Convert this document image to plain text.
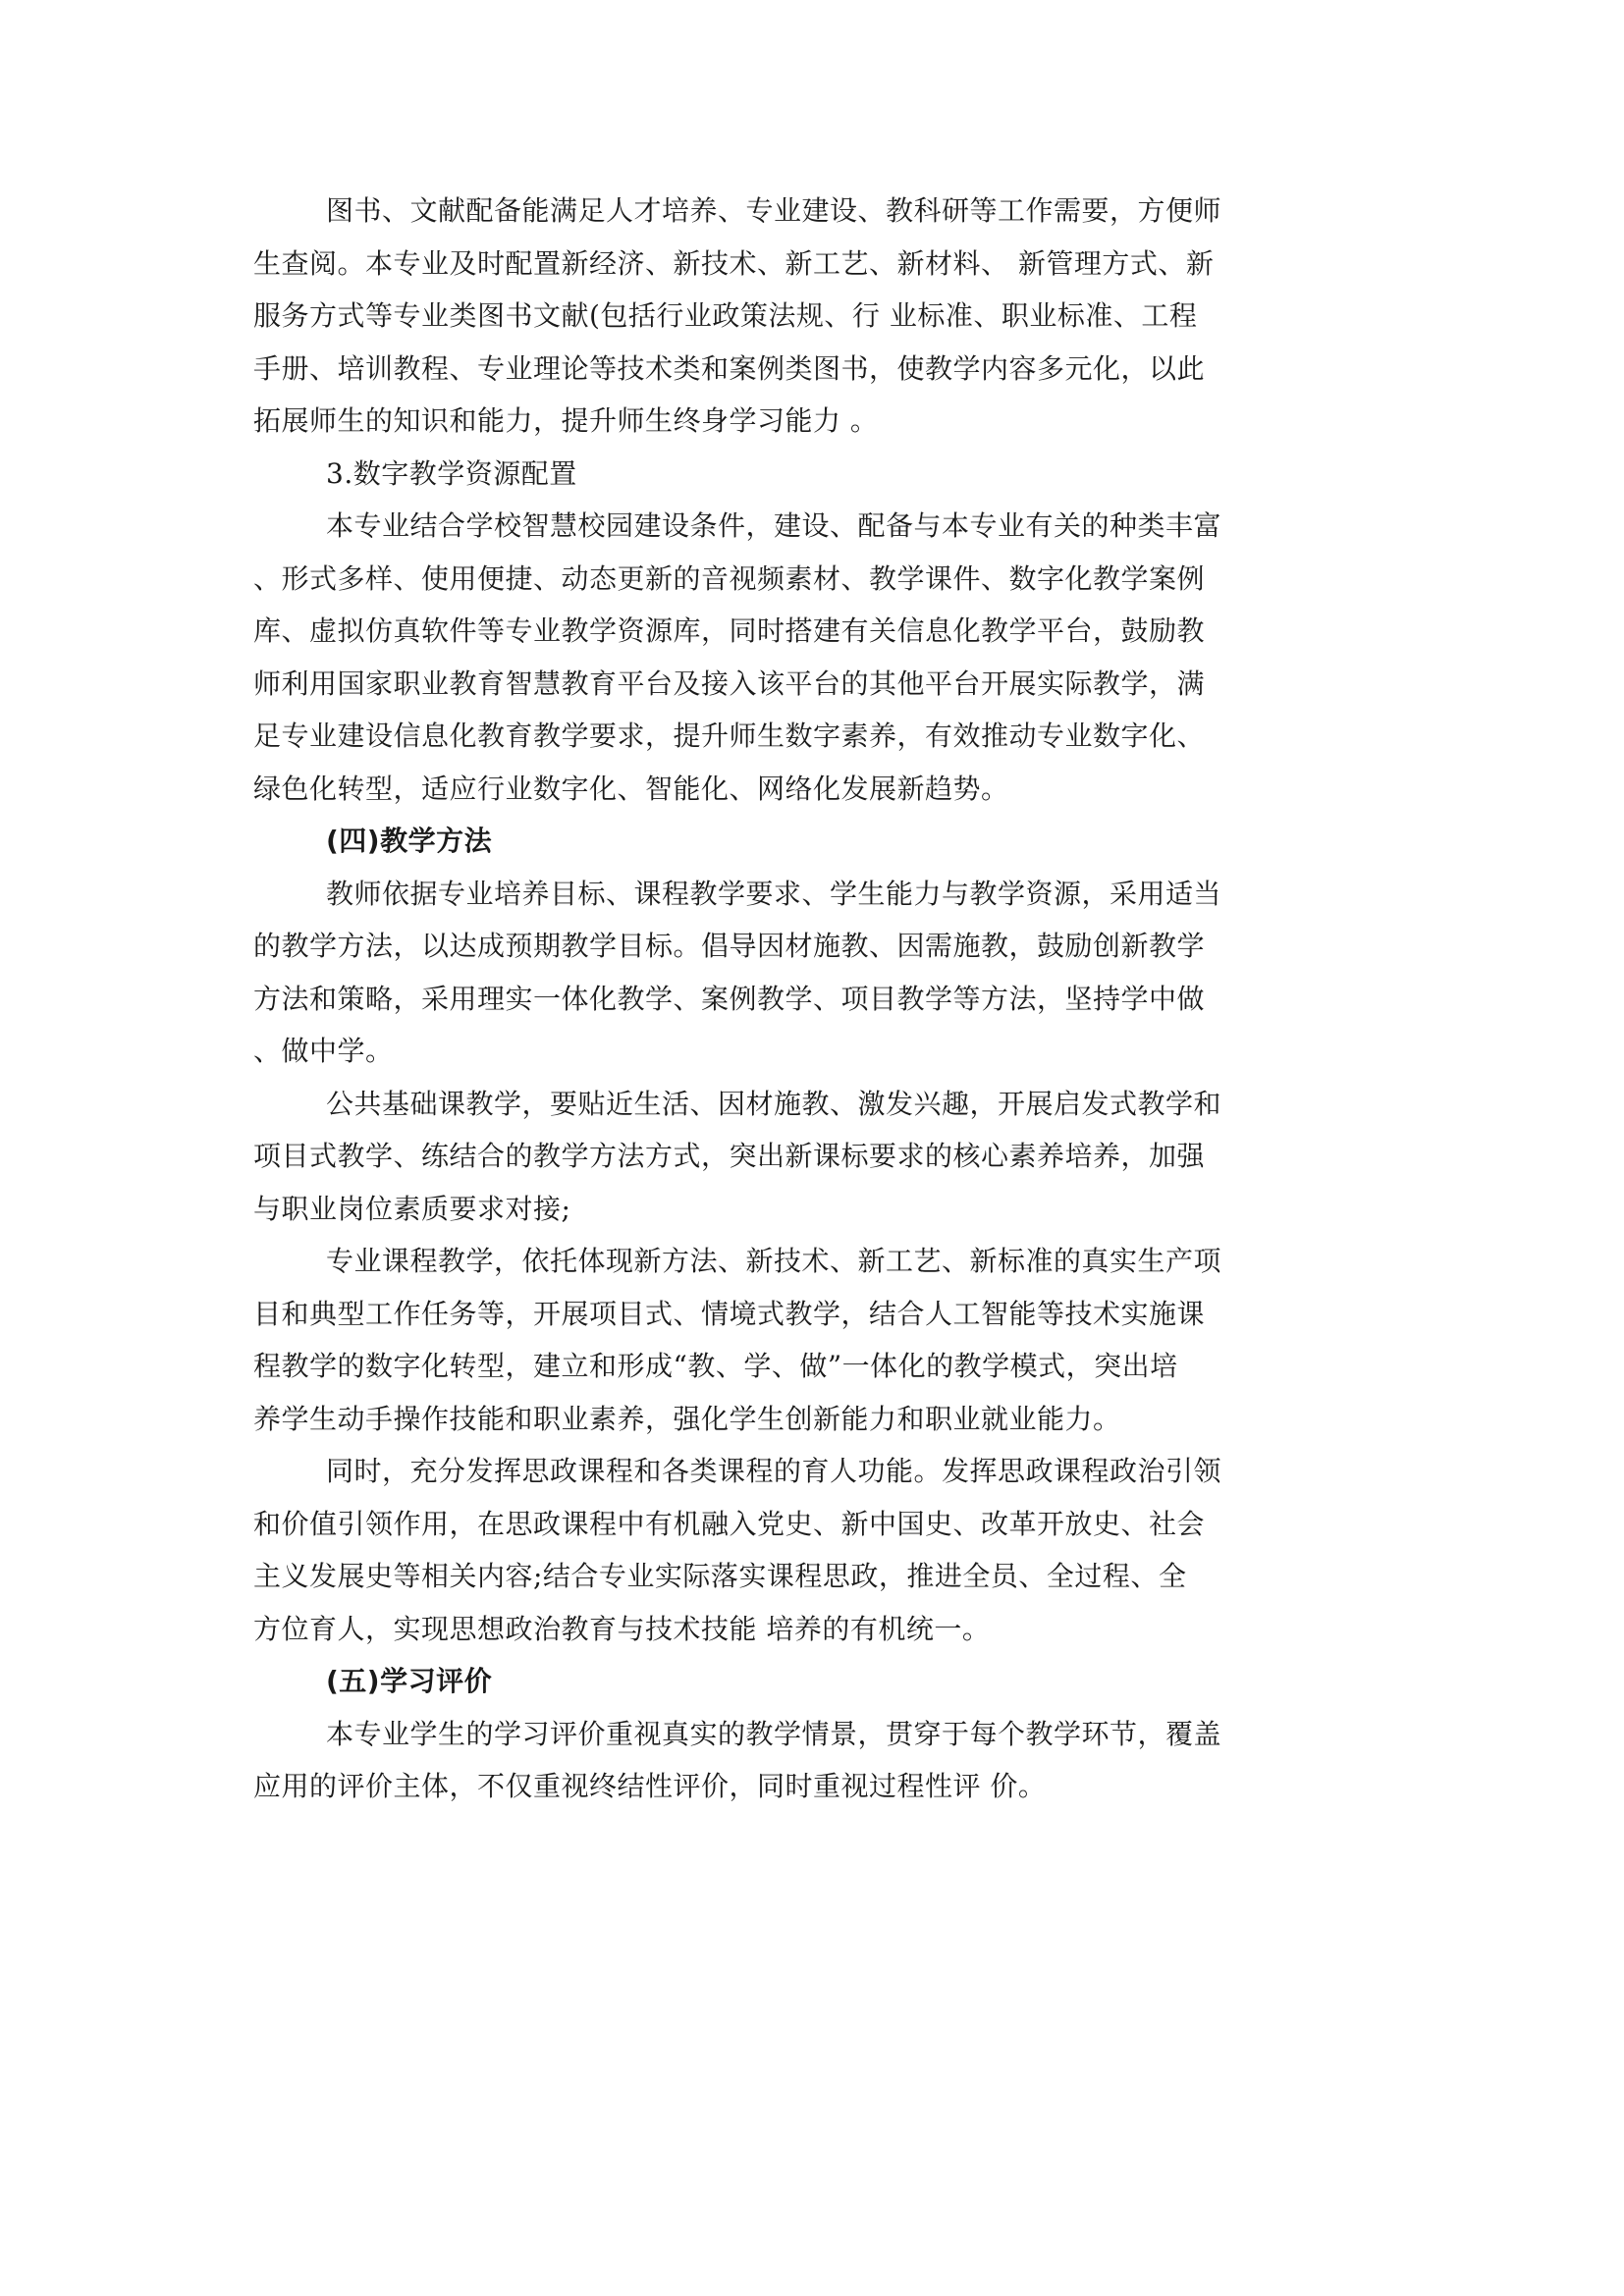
图书、文献配备能满足人才培养、专业建设、教科研等工作需要，方便师
生查阅。本专业及时配置新经济、新技术、新工艺、新材料、 新管理方式、新
服务方式等专业类图书文献(包括行业政策法规、行 业标准、职业标准、工程
手册、培训教程、专业理论等技术类和案例类图书，使教学内容多元化，以此
拓展师生的知识和能力，提升师生终身学习能力 。
3.数字教学资源配置
本专业结合学校智慧校园建设条件，建设、配备与本专业有关的种类丰富
、形式多样、使用便捷、动态更新的音视频素材、教学课件、数字化教学案例
库、虚拟仿真软件等专业教学资源库，同时搭建有关信息化教学平台，鼓励教
师利用国家职业教育智慧教育平台及接入该平台的其他平台开展实际教学，满
足专业建设信息化教育教学要求，提升师生数字素养，有效推动专业数字化、
绿色化转型，适应行业数字化、智能化、网络化发展新趋势。
(四)教学方法
教师依据专业培养目标、课程教学要求、学生能力与教学资源，采用适当
的教学方法，以达成预期教学目标。倡导因材施教、因需施教，鼓励创新教学
方法和策略，采用理实一体化教学、案例教学、项目教学等方法，坚持学中做
、做中学。
公共基础课教学，要贴近生活、因材施教、激发兴趣，开展启发式教学和
项目式教学、练结合的教学方法方式，突出新课标要求的核心素养培养，加强
与职业岗位素质要求对接;
专业课程教学，依托体现新方法、新技术、新工艺、新标准的真实生产项
目和典型工作任务等，开展项目式、情境式教学，结合人工智能等技术实施课
程教学的数字化转型，建立和形成“教、学、做”一体化的教学模式，突出培
养学生动手操作技能和职业素养，强化学生创新能力和职业就业能力。
同时，充分发挥思政课程和各类课程的育人功能。发挥思政课程政治引领
和价值引领作用，在思政课程中有机融入党史、新中国史、改革开放史、社会
主义发展史等相关内容;结合专业实际落实课程思政，推进全员、全过程、全
方位育人，实现思想政治教育与技术技能 培养的有机统一。
(五)学习评价
本专业学生的学习评价重视真实的教学情景，贯穿于每个教学环节，覆盖
应用的评价主体，不仅重视终结性评价，同时重视过程性评 价。
